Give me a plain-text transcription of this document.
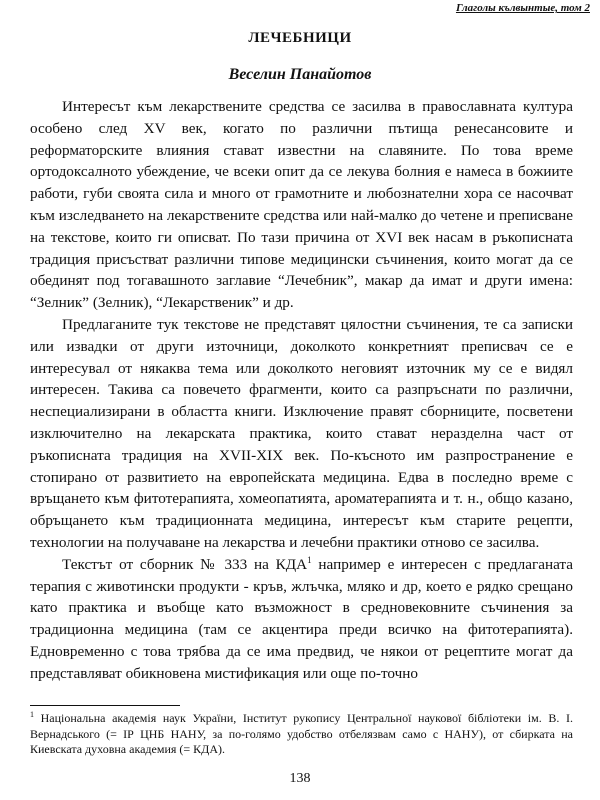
Глаголы кълвынтые, том 2
ЛЕЧЕБНИЦИ
Веселин Панайотов

Интересът към лекарствените средства се засилва в православната култура особено след XV век, когато по различни пътища ренесансовите и реформаторските влияния стават известни на славяните. По това време ортодоксалното убеждение, че всеки опит да се лекува болния е намеса в божиите работи, губи своята сила и много от грамотните и любознателни хора се насочват към изследването на лекарствените средства или най-малко до четене и преписване на текстове, които ги описват. По тази причина от XVI век насам в ръкописната традиция присъстват различни типове медицински съчинения, които могат да се обединят под тогавашното заглавие “Лечебник”, макар да имат и други имена: “Зелник” (Зелник), “Лекарственик” и др.

Предлаганите тук текстове не представят цялостни съчинения, те са записки или извадки от други източници, доколкото конкретният преписвач се е интересувал от някаква тема или доколкото неговият източник му се е видял интересен. Такива са повечето фрагменти, които са разпръснати по различни, неспециализирани в областта книги. Изключение правят сборниците, посветени изключително на лекарската практика, които стават неразделна част от ръкописната традиция на XVII-XIX век. По-късното им разпространение е стопирано от развитието на европейската медицина. Едва в последно време с връщането към фитотерапията, хомеопатията, ароматерапията и т. н., общо казано, обръщането към традиционната медицина, интересът към старите рецепти, технологии на получаване на лекарства и лечебни практики отново се засилва.

Текстът от сборник № 333 на КДА$^1$ например е интересен с предлаганата терапия с животински продукти - кръв, жлъчка, мляко и др, което е рядко срещано като практика и въобще като възможност в средновековните съчинения за традиционна медицина (там се акцентира преди всичко на фитотерапията). Едновременно с това трябва да се има предвид, че някои от рецептите могат да представляват обикновена мистификация или още по-точно

$^1$ Національна академія наук України, Інститут рукопису Центральної наукової бібліотеки ім. В. І. Вернадського (= ІР ЦНБ НАНУ, за по-голямо удобство отбелязвам само с НАНУ), от сбирката на Киевската духовна академия (= КДА).
138
